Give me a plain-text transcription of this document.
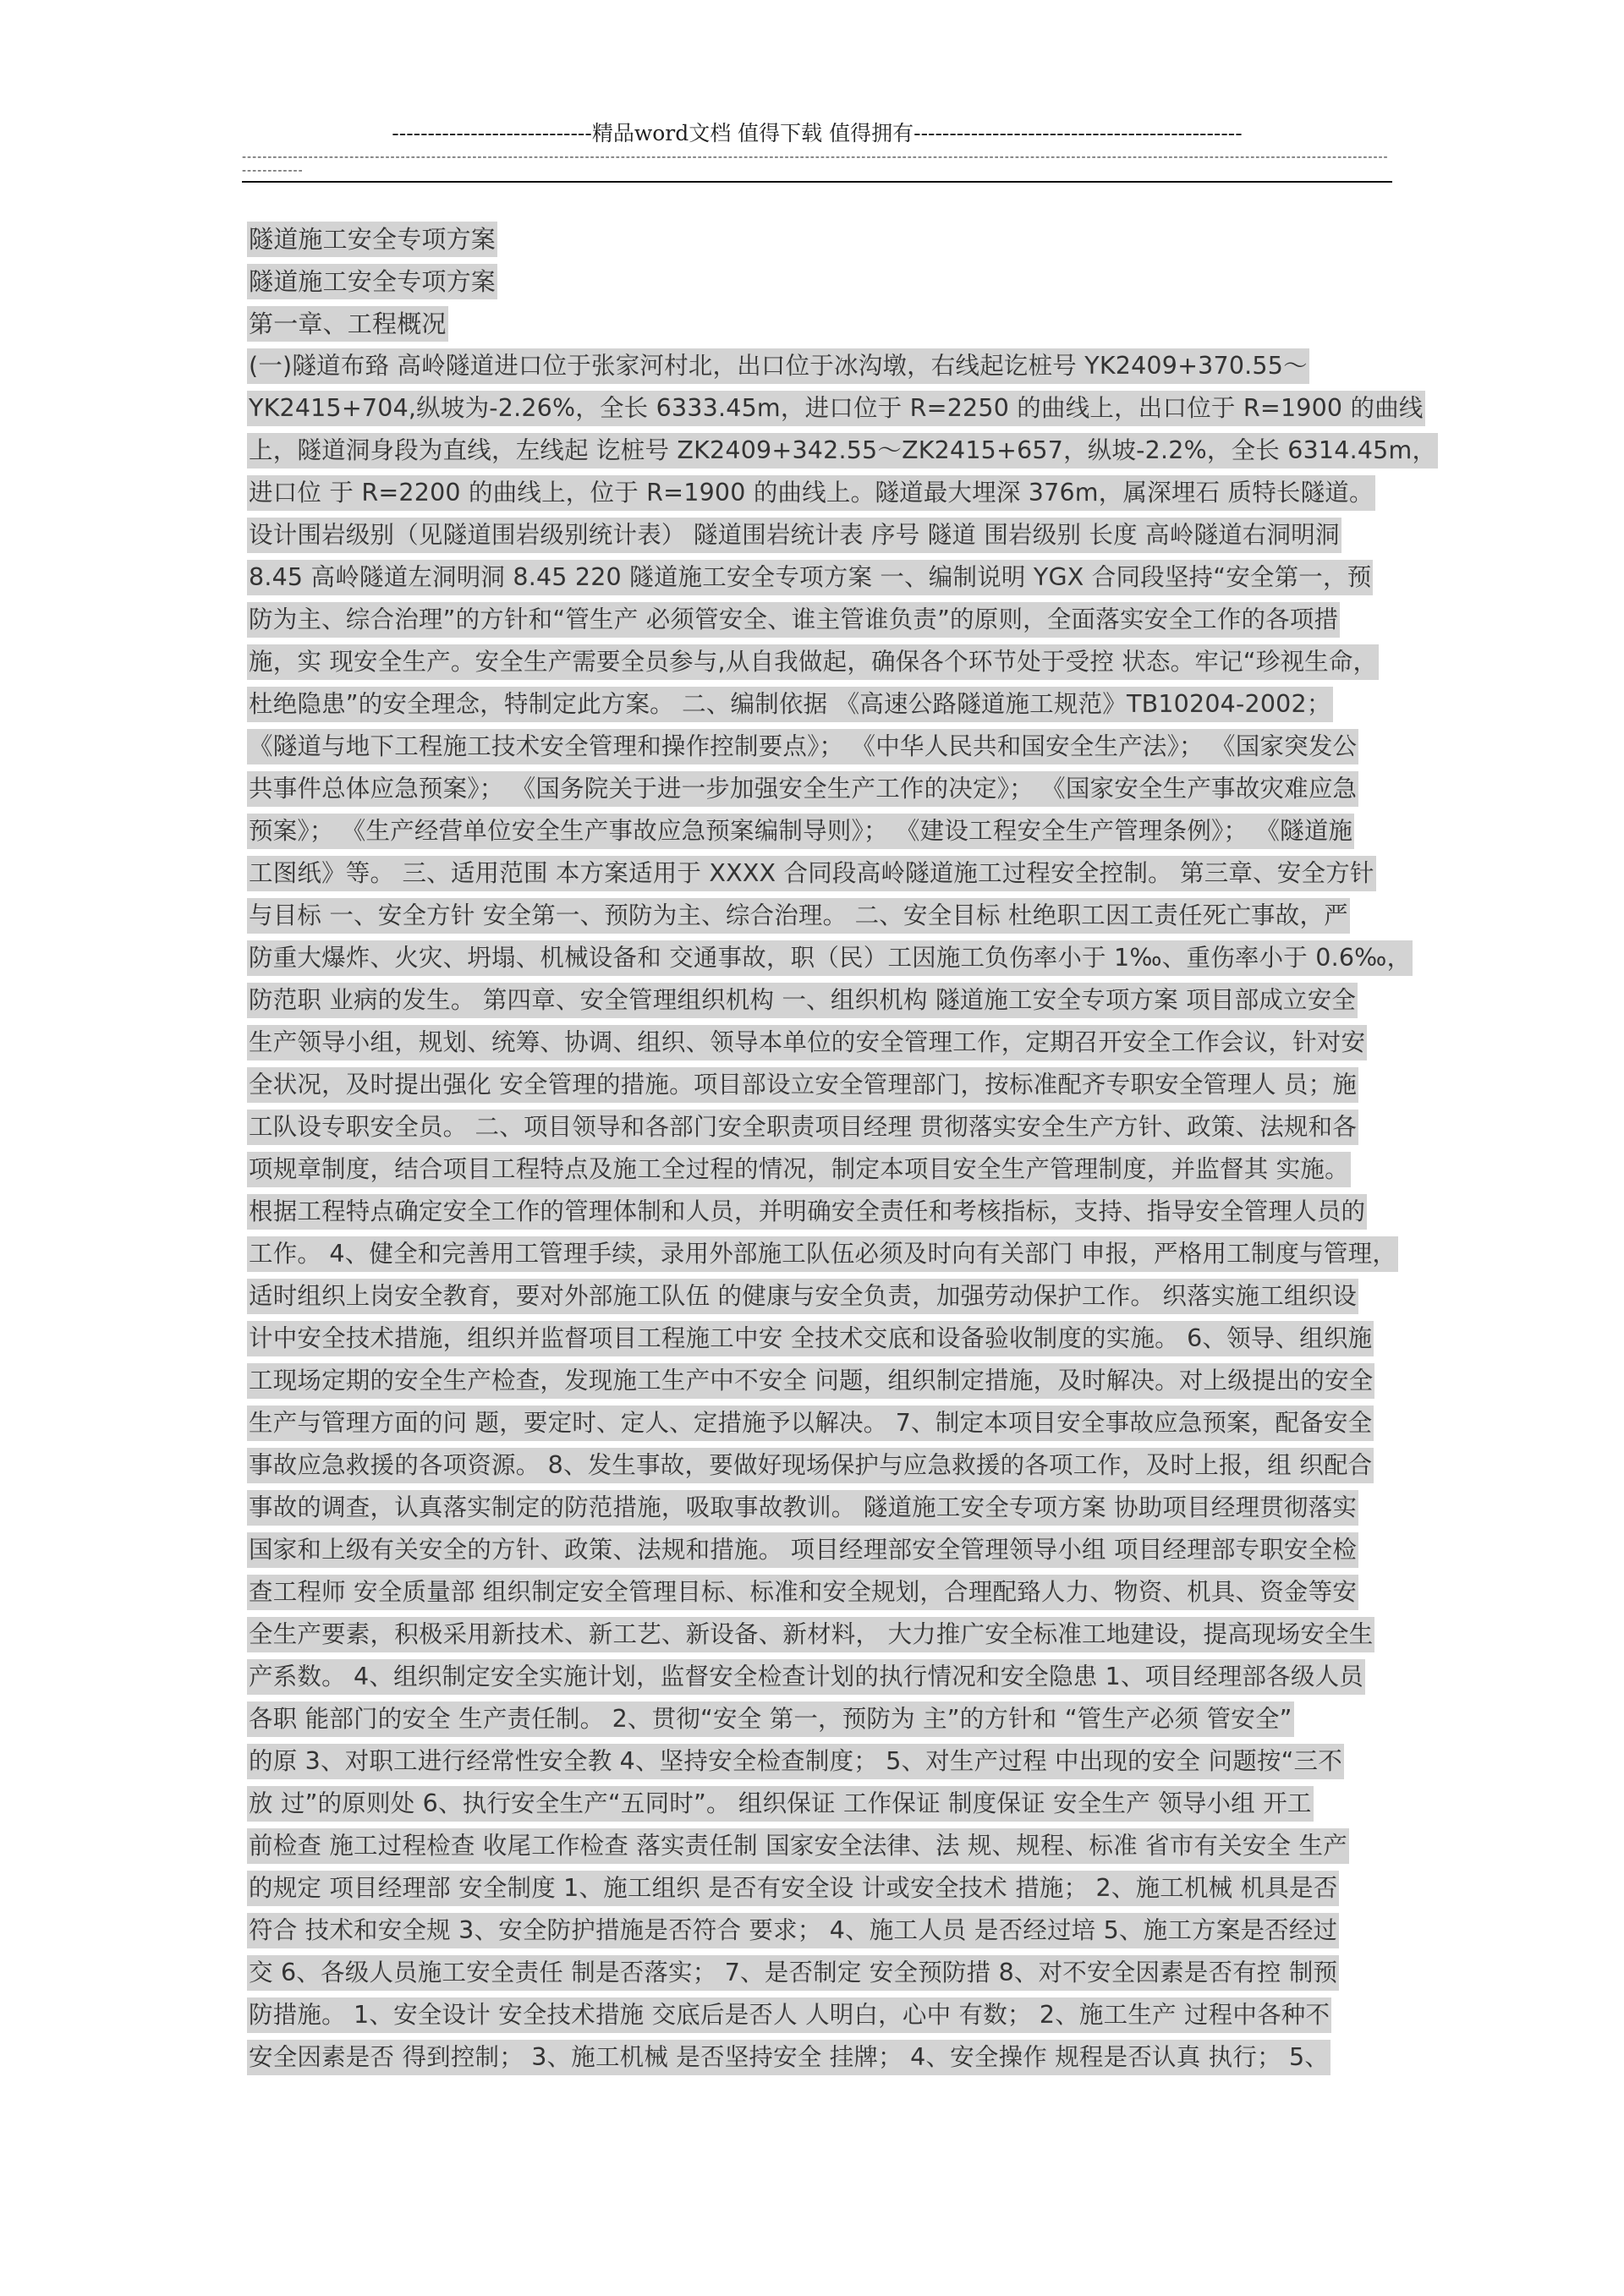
----------------------------精品word文档 值得下载 值得拥有----------------------------------------------
--------------------------------------------------------------------------------------------------------------------------------------------------------------------------------------------------------------------------------------------
隧道施工安全专项方案
隧道施工安全专项方案
第一章、工程概况
(一)隧道布臵 高岭隧道进口位于张家河村北，出口位于冰沟墩，右线起讫桩号 YK2409+370.55～
YK2415+704,纵坡为-2.26%，全长 6333.45m，进口位于 R=2250 的曲线上，出口位于 R=1900 的曲线
上，隧道洞身段为直线，左线起 讫桩号 ZK2409+342.55～ZK2415+657，纵坡-2.2%，全长 6314.45m，
进口位 于 R=2200 的曲线上，位于 R=1900 的曲线上。隧道最大埋深 376m，属深埋石 质特长隧道。
设计围岩级别（见隧道围岩级别统计表） 隧道围岩统计表 序号 隧道 围岩级别 长度 高岭隧道右洞明洞
8.45 高岭隧道左洞明洞 8.45 220 隧道施工安全专项方案 一、编制说明 YGX 合同段坚持“安全第一，预
防为主、综合治理”的方针和“管生产 必须管安全、谁主管谁负责”的原则，全面落实安全工作的各项措
施，实 现安全生产。安全生产需要全员参与,从自我做起，确保各个环节处于受控 状态。牢记“珍视生命，
杜绝隐患”的安全理念，特制定此方案。 二、编制依据 《高速公路隧道施工规范》TB10204-2002；
《隧道与地下工程施工技术安全管理和操作控制要点》； 《中华人民共和国安全生产法》； 《国家突发公
共事件总体应急预案》； 《国务院关于进一步加强安全生产工作的决定》； 《国家安全生产事故灾难应急
预案》； 《生产经营单位安全生产事故应急预案编制导则》； 《建设工程安全生产管理条例》； 《隧道施
工图纸》等。 三、适用范围 本方案适用于 XXXX 合同段高岭隧道施工过程安全控制。 第三章、安全方针
与目标 一、安全方针 安全第一、预防为主、综合治理。 二、安全目标 杜绝职工因工责任死亡事故，严
防重大爆炸、火灾、坍塌、机械设备和 交通事故，职（民）工因施工负伤率小于 1‰、重伤率小于 0.6‰，
防范职 业病的发生。 第四章、安全管理组织机构 一、组织机构 隧道施工安全专项方案 项目部成立安全
生产领导小组，规划、统筹、协调、组织、领导本单位的安全管理工作，定期召开安全工作会议，针对安
全状况，及时提出强化 安全管理的措施。项目部设立安全管理部门，按标准配齐专职安全管理人 员；施
工队设专职安全员。 二、项目领导和各部门安全职责项目经理 贯彻落实安全生产方针、政策、法规和各
项规章制度，结合项目工程特点及施工全过程的情况，制定本项目安全生产管理制度，并监督其 实施。
根据工程特点确定安全工作的管理体制和人员，并明确安全责任和考核指标，支持、指导安全管理人员的
工作。 4、健全和完善用工管理手续，录用外部施工队伍必须及时向有关部门 申报，严格用工制度与管理，
适时组织上岗安全教育，要对外部施工队伍 的健康与安全负责，加强劳动保护工作。 织落实施工组织设
计中安全技术措施，组织并监督项目工程施工中安 全技术交底和设备验收制度的实施。 6、领导、组织施
工现场定期的安全生产检查，发现施工生产中不安全 问题，组织制定措施，及时解决。对上级提出的安全
生产与管理方面的问 题，要定时、定人、定措施予以解决。 7、制定本项目安全事故应急预案，配备安全
事故应急救援的各项资源。 8、发生事故，要做好现场保护与应急救援的各项工作，及时上报，组 织配合
事故的调查，认真落实制定的防范措施，吸取事故教训。 隧道施工安全专项方案 协助项目经理贯彻落实
国家和上级有关安全的方针、政策、法规和措施。 项目经理部安全管理领导小组 项目经理部专职安全检
查工程师 安全质量部 组织制定安全管理目标、标准和安全规划，合理配臵人力、物资、机具、资金等安
全生产要素，积极采用新技术、新工艺、新设备、新材料， 大力推广安全标准工地建设，提高现场安全生
产系数。 4、组织制定安全实施计划，监督安全检查计划的执行情况和安全隐患 1、项目经理部各级人员
各职 能部门的安全 生产责任制。 2、贯彻“安全 第一，预防为 主”的方针和 “管生产必须 管安全”
的原 3、对职工进行经常性安全教 4、坚持安全检查制度； 5、对生产过程 中出现的安全 问题按“三不
放 过”的原则处 6、执行安全生产“五同时”。 组织保证 工作保证 制度保证 安全生产 领导小组 开工
前检查 施工过程检查 收尾工作检查 落实责任制 国家安全法律、法 规、规程、标准 省市有关安全 生产
的规定 项目经理部 安全制度 1、施工组织 是否有安全设 计或安全技术 措施； 2、施工机械 机具是否
符合 技术和安全规 3、安全防护措施是否符合 要求； 4、施工人员 是否经过培 5、施工方案是否经过
交 6、各级人员施工安全责任 制是否落实； 7、是否制定 安全预防措 8、对不安全因素是否有控 制预
防措施。 1、安全设计 安全技术措施 交底后是否人 人明白，心中 有数； 2、施工生产 过程中各种不
安全因素是否 得到控制； 3、施工机械 是否坚持安全 挂牌； 4、安全操作 规程是否认真 执行； 5、
